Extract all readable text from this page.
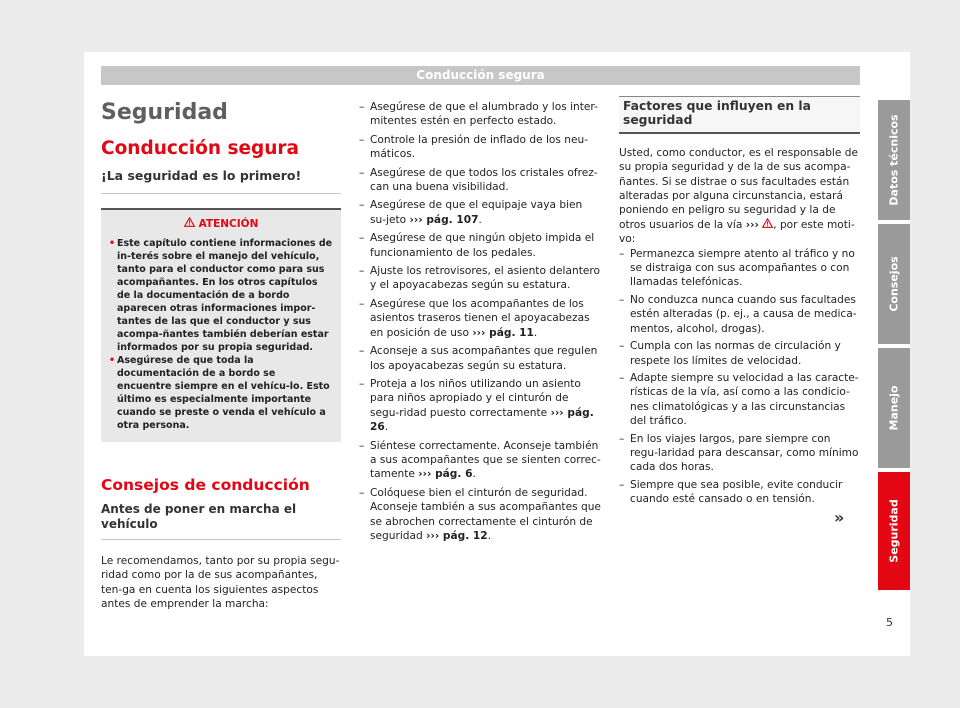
Conducción segura
Seguridad
Conducción segura
¡La seguridad es lo primero!
ATENCIÓN
• Este capítulo contiene informaciones de in-terés sobre el manejo del vehículo, tanto para el conductor como para sus acompañantes. En los otros capítulos de la documentación de a bordo aparecen otras informaciones impor-tantes de las que el conductor y sus acompa-ñantes también deberían estar informados por su propia seguridad.
• Asegúrese de que toda la documentación de a bordo se encuentre siempre en el vehícu-lo. Esto último es especialmente importante cuando se preste o venda el vehículo a otra persona.
Consejos de conducción
Antes de poner en marcha el vehículo
Le recomendamos, tanto por su propia segu-ridad como por la de sus acompañantes, ten-ga en cuenta los siguientes aspectos antes de emprender la marcha:
– Asegúrese de que el alumbrado y los inter-mitentes estén en perfecto estado.
– Controle la presión de inflado de los neu-máticos.
– Asegúrese de que todos los cristales ofrez-can una buena visibilidad.
– Asegúrese de que el equipaje vaya bien su-jeto ››› pág. 107.
– Asegúrese de que ningún objeto impida el funcionamiento de los pedales.
– Ajuste los retrovisores, el asiento delantero y el apoyacabezas según su estatura.
– Asegúrese que los acompañantes de los asientos traseros tienen el apoyacabezas en posición de uso ››› pág. 11.
– Aconseje a sus acompañantes que regulen los apoyacabezas según su estatura.
– Proteja a los niños utilizando un asiento para niños apropiado y el cinturón de segu-ridad puesto correctamente ››› pág. 26.
– Siéntese correctamente. Aconseje también a sus acompañantes que se sienten correc-tamente ››› pág. 6.
– Colóquese bien el cinturón de seguridad. Aconseje también a sus acompañantes que se abrochen correctamente el cinturón de seguridad ››› pág. 12.
Factores que influyen en la seguridad
Usted, como conductor, es el responsable de su propia seguridad y de la de sus acompa-ñantes. Si se distrae o sus facultades están alteradas por alguna circunstancia, estará poniendo en peligro su seguridad y la de otros usuarios de la vía ››› , por este moti-vo:
– Permanezca siempre atento al tráfico y no se distraiga con sus acompañantes o con llamadas telefónicas.
– No conduzca nunca cuando sus facultades estén alteradas (p. ej., a causa de medica-mentos, alcohol, drogas).
– Cumpla con las normas de circulación y respete los límites de velocidad.
– Adapte siempre su velocidad a las caracte-rísticas de la vía, así como a las condicio-nes climatológicas y a las circunstancias del tráfico.
– En los viajes largos, pare siempre con regu-laridad para descansar, como mínimo cada dos horas.
– Siempre que sea posible, evite conducir cuando esté cansado o en tensión.
»
Datos técnicos
Consejos
Manejo
Seguridad
5
